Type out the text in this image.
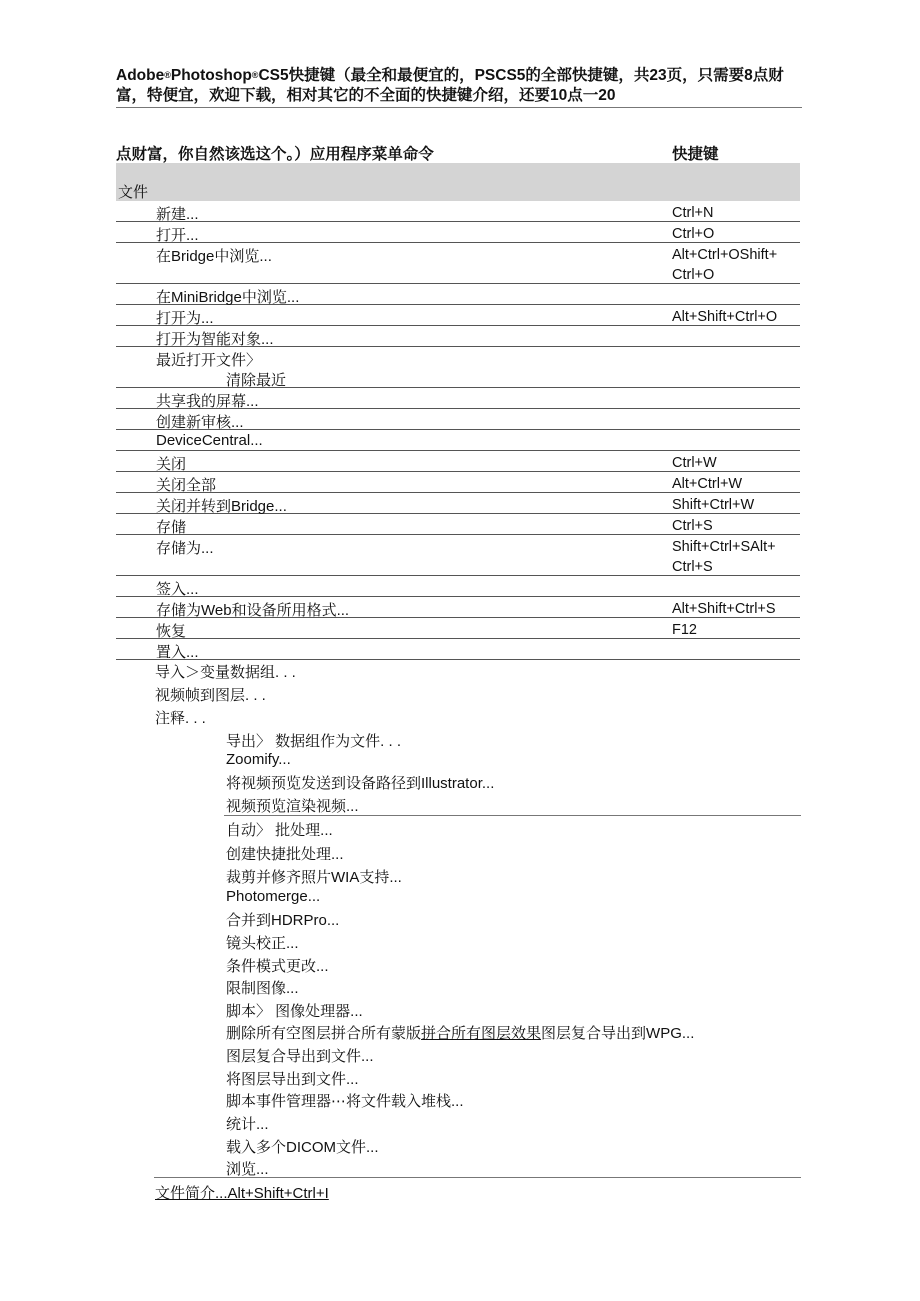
Adobe®Photoshop®CS5快捷键（最全和最便宜的，PSCS5的全部快捷键，共23页，只需要8点财富，特便宜，欢迎下载，相对其它的不全面的快捷键介绍，还要10点一20
点财富，你自然该选这个。）应用程序菜单命令	快捷键
文件
新建...	Ctrl+N
打开...	Ctrl+O
在Bridge中浏览...	Alt+Ctrl+OShift+
Ctrl+O
在MiniBridge中浏览...
打开为...	Alt+Shift+Ctrl+O
打开为智能对象...
最近打开文件〉
清除最近
共享我的屏幕...
创建新审核...
DeviceCentral...
关闭	Ctrl+W
关闭全部	Alt+Ctrl+W
关闭并转到Bridge...	Shift+Ctrl+W
存储	Ctrl+S
存储为...	Shift+Ctrl+SAlt+
Ctrl+S
签入...
存储为Web和设备所用格式...	Alt+Shift+Ctrl+S
恢复	F12
置入...
导入＞变量数据组. . .
视频帧到图层. . .
注释. . .
导出〉 数据组作为文件. . .
Zoomify...
将视频预览发送到设备路径到Illustrator...
视频预览渲染视频...
自动〉 批处理...
创建快捷批处理...
裁剪并修齐照片WIA支持...
Photomerge...
合并到HDRPro...
镜头校正...
条件模式更改...
限制图像...
脚本〉 图像处理器...
删除所有空图层拼合所有蒙版拼合所有图层效果图层复合导出到WPG...
图层复合导出到文件...
将图层导出到文件...
脚本事件管理器⋯将文件载入堆栈...
统计...
载入多个DICOM文件...
浏览...
文件简介...Alt+Shift+Ctrl+I
